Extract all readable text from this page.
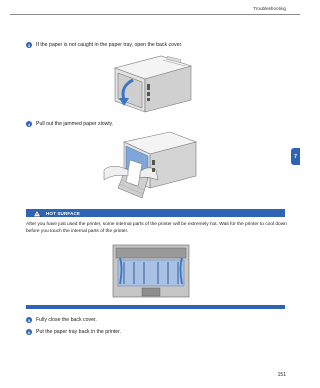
Troubleshooting
7
3	If the paper is not caught in the paper tray, open the back cover.
4	Pull out the jammed paper slowly.
HOT SURFACE

After you have just used the printer, some internal parts of the printer will be extremely hot. Wait for the printer to cool down before you touch the internal parts of the printer.

5	Fully close the back cover.
6	Put the paper tray back in the printer.
151
